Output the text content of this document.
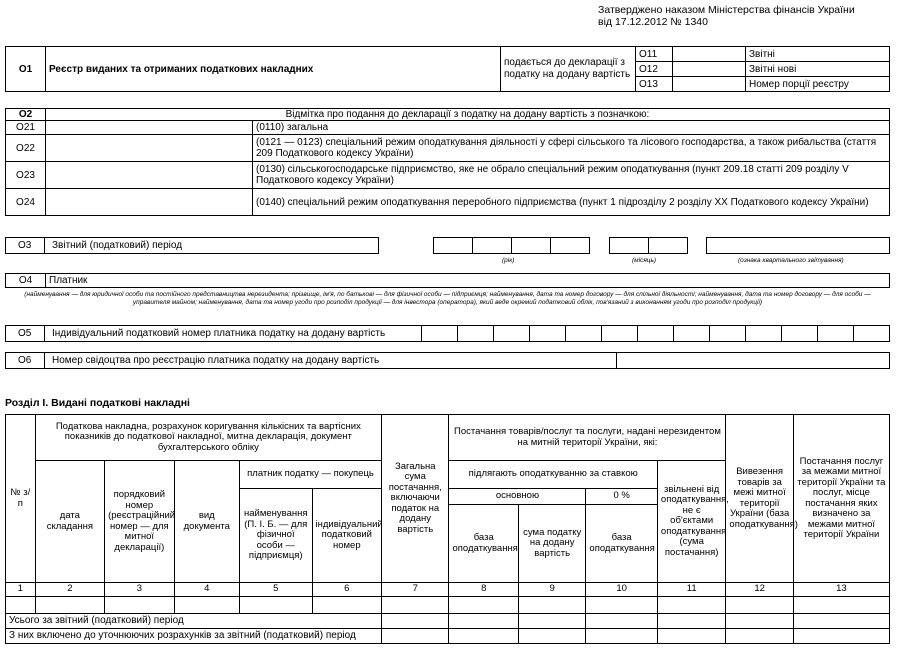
Затверджено наказом Міністерства фінансів України
від 17.12.2012 № 1340
О1	Реєстр виданих та отриманих податкових накладних	подається до декларації з податку на додану вартість	О11		Звітні
			О12		Звітні нові
			О13		Номер порції реєстру
О2	Відмітка про подання до декларації з податку на додану вартість з позначкою:	
О21		(0110) загальна
О22		(0121 — 0123) спеціальний режим оподаткування діяльності у сфері сільського та лісового господарства, а також рибальства (стаття 209 Податкового кодексу України)
О23		(0130) сільськогосподарське підприємство, яке не обрало спеціальний режим оподаткування (пункт 209.18 статті 209 розділу V Податкового кодексу України)
О24		(0140) спеціальний режим оподаткування переробного підприємства (пункт 1 підрозділу 2 розділу ХХ Податкового кодексу України)
О3 Звітний (податковий) період
(рік)	(місяць)	(ознака квартального звітування)
О4	Платник
(найменування — для юридичної особи та постійного представництва нерезидента; прізвище, ім'я, по батькові — для фізичної особи — підприємця; найменування, дата та номер договору — для спільної діяльності; найменування, дата та номер договору — для особи — управителя майном; найменування, дата та номер угоди про розподіл продукції — для інвестора (оператора), який веде окремий податковий облік, пов'язаний з виконанням угоди про розподіл продукції)
О5 Індивідуальний податковий номер платника податку на додану вартість
О6 Номер свідоцтва про реєстрацію платника податку на додану вартість
Розділ І. Видані податкові накладні
№ з/п	Податкова накладна, розрахунок коригування кількісних та вартісних показників до податкової накладної, митна декларація, документ бухгалтерського обліку					Загальна сума постачання, включаючи податок на додану вартість	Постачання товарів/послуг та послуги, надані нерезидентом на митній території України, які:				Вивезення товарів за межі митної території України (база оподаткування)	Постачання послуг за межами митної території України та послуг, місце постачання яких визначено за межами митної території України
	дата складання	порядковий номер (реєстраційний номер — для митної декларації)	вид документа	платник податку — покупець			підлягають оподаткуванню за ставкою			звільнені від оподаткування, не є об'єктами оподаткування (сума постачання)		
				найменування (П. І. Б. — для фізичної особи — підприємця)	індивідуальний податковий номер		основною		0 %			
							база оподаткування	сума податку на додану вартість	база оподаткування			
1	2	3	4	5	6	7	8	9	10	11	12	13

Усього за звітний (податковий) період												
З них включено до уточнюючих розрахунків за звітний (податковий) період												
